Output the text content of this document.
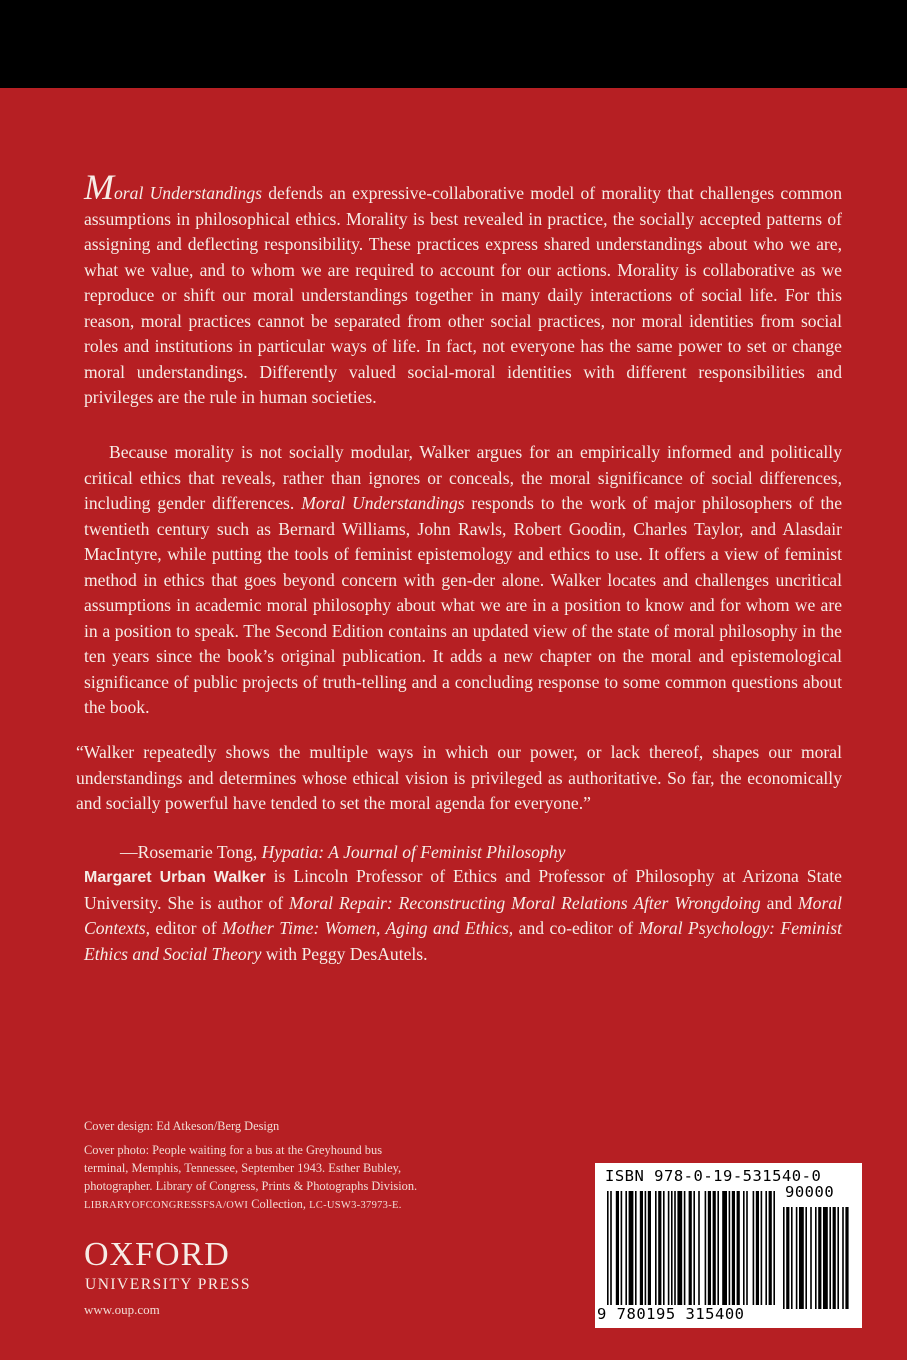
Moral Understandings defends an expressive-collaborative model of morality that challenges common assumptions in philosophical ethics. Morality is best revealed in practice, the socially accepted patterns of assigning and deflecting responsibility. These practices express shared understandings about who we are, what we value, and to whom we are required to account for our actions. Morality is collaborative as we reproduce or shift our moral understandings together in many daily interactions of social life. For this reason, moral practices cannot be separated from other social practices, nor moral identities from social roles and institutions in particular ways of life. In fact, not everyone has the same power to set or change moral understandings. Differently valued social-moral identities with different responsibilities and privileges are the rule in human societies.
Because morality is not socially modular, Walker argues for an empirically informed and politically critical ethics that reveals, rather than ignores or conceals, the moral significance of social differences, including gender differences. Moral Understandings responds to the work of major philosophers of the twentieth century such as Bernard Williams, John Rawls, Robert Goodin, Charles Taylor, and Alasdair MacIntyre, while putting the tools of feminist epistemology and ethics to use. It offers a view of feminist method in ethics that goes beyond concern with gen-der alone. Walker locates and challenges uncritical assumptions in academic moral philosophy about what we are in a position to know and for whom we are in a position to speak. The Second Edition contains an updated view of the state of moral philosophy in the ten years since the book’s original publication. It adds a new chapter on the moral and epistemological significance of public projects of truth-telling and a concluding response to some common questions about the book.
“Walker repeatedly shows the multiple ways in which our power, or lack thereof, shapes our moral understandings and determines whose ethical vision is privileged as authoritative. So far, the economically and socially powerful have tended to set the moral agenda for everyone.”
—Rosemarie Tong, Hypatia: A Journal of Feminist Philosophy
Margaret Urban Walker is Lincoln Professor of Ethics and Professor of Philosophy at Arizona State University. She is author of Moral Repair: Reconstructing Moral Relations After Wrongdoing and Moral Contexts, editor of Mother Time: Women, Aging and Ethics, and co-editor of Moral Psychology: Feminist Ethics and Social Theory with Peggy DesAutels.
Cover design: Ed Atkeson/Berg Design
Cover photo: People waiting for a bus at the Greyhound bus
terminal, Memphis, Tennessee, September 1943. Esther Bubley,
photographer. Library of Congress, Prints & Photographs Division.
LIBRARYOFCONGRESSFSA/OWI Collection, LC-USW3-37973-E.
OXFORD
UNIVERSITY PRESS
www.oup.com
ISBN 978-0-19-531540-0
90000
9 780195 315400
